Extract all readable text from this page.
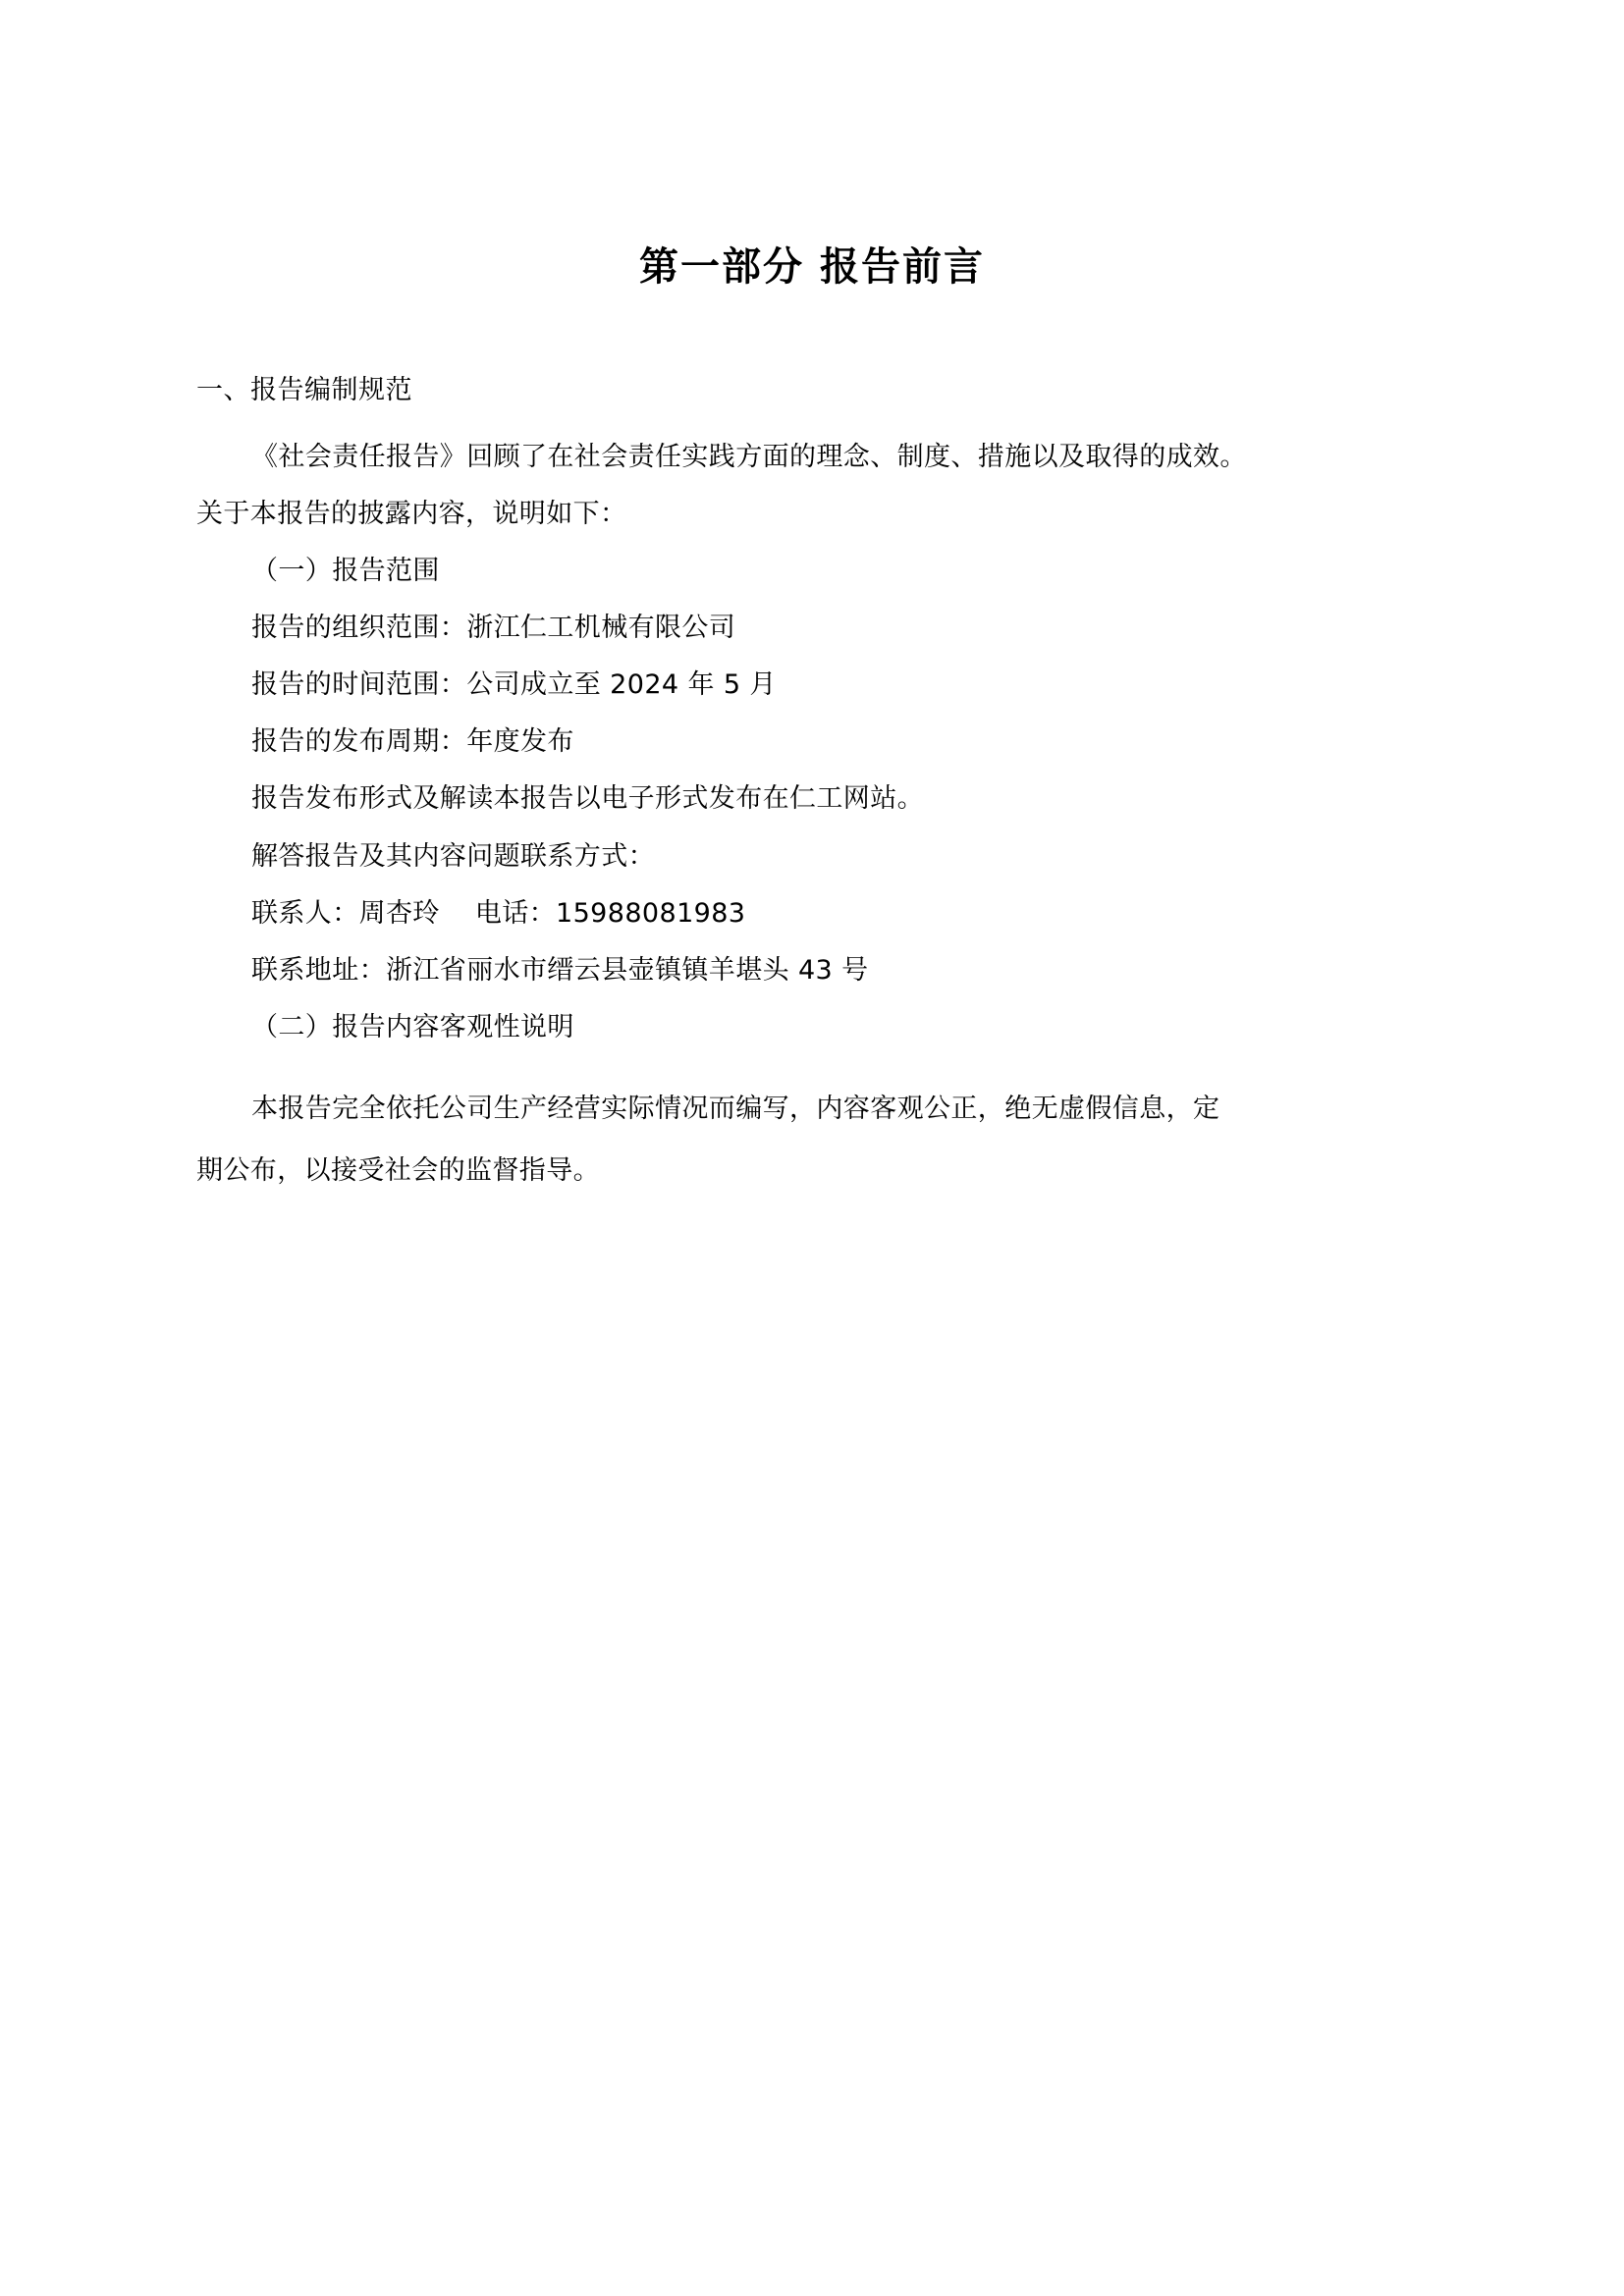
第一部分 报告前言
一、报告编制规范

《社会责任报告》回顾了在社会责任实践方面的理念、制度、措施以及取得的成效。

关于本报告的披露内容，说明如下：

（一）报告范围

报告的组织范围：浙江仁工机械有限公司

报告的时间范围：公司成立至 2024 年 5 月

报告的发布周期：年度发布

报告发布形式及解读本报告以电子形式发布在仁工网站。

解答报告及其内容问题联系方式：

联系人：周杏玲 电话：15988081983

联系地址：浙江省丽水市缙云县壶镇镇羊堪头 43 号

（二）报告内容客观性说明

本报告完全依托公司生产经营实际情况而编写，内容客观公正，绝无虚假信息，定

期公布，以接受社会的监督指导。
